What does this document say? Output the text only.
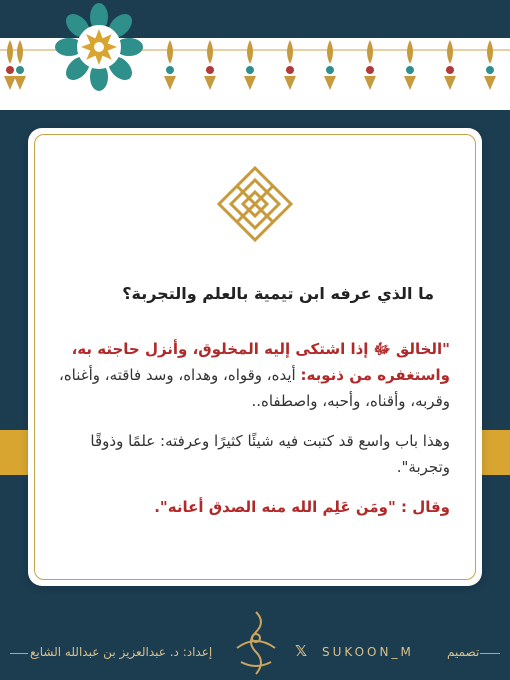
ما الذي عرفه ابن تيمية بالعلم والتجربة؟

"الخالق ﷻ إذا اشتكى إليه المخلوق، وأنزل حاجته به، واستغفره من ذنوبه: أيده، وقواه، وهداه، وسد فاقته، وأغناه، وقربه، وأقناه، وأحبه، واصطفاه..

وهذا باب واسع قد كتبت فيه شيئًا كثيرًا وعرفته: علمًا وذوقًا وتجربة".

وقال : "ومَن عَلِم الله منه الصدق أعانه".

إعداد: د. عبدالعزيز بن عبدالله الشايع	𝕏	SUKOON_M	تصميم
